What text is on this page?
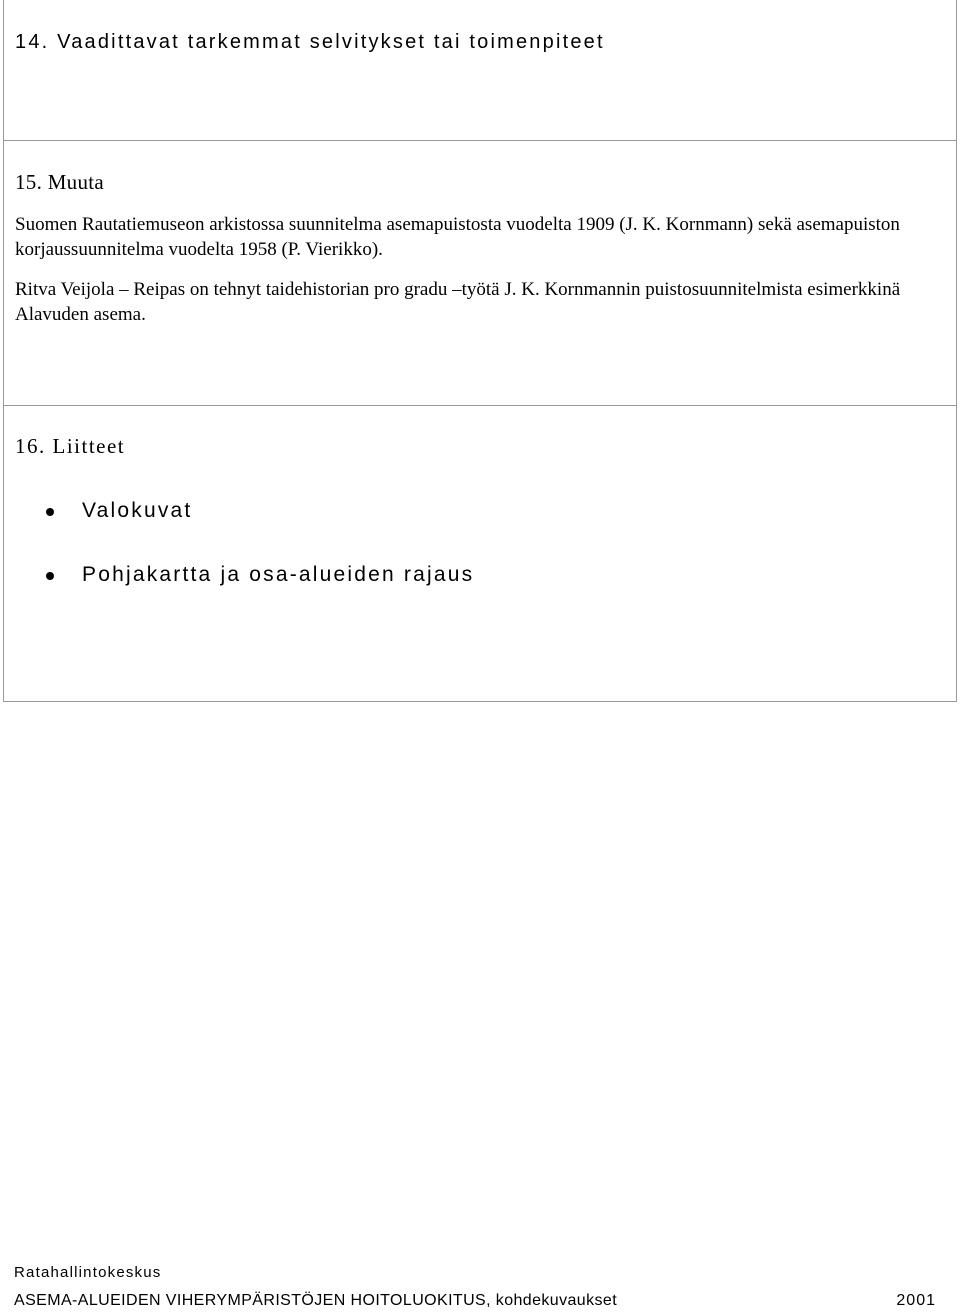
14. Vaadittavat tarkemmat selvitykset tai toimenpiteet
15. Muuta
Suomen Rautatiemuseon arkistossa suunnitelma asemapuistosta vuodelta 1909 (J. K. Kornmann) sekä asemapuiston korjaussuunnitelma vuodelta 1958 (P. Vierikko).
Ritva Veijola – Reipas on tehnyt taidehistorian pro gradu –työtä J. K. Kornmannin puistosuunnitelmista esimerkkinä Alavuden asema.
16. Liitteet
Valokuvat
Pohjakartta ja osa-alueiden rajaus
Ratahallintokeskus
ASEMA-ALUEIDEN VIHERYMPÄRISTÖJEN HOITOLUOKITUS, kohdekuvaukset	2001
